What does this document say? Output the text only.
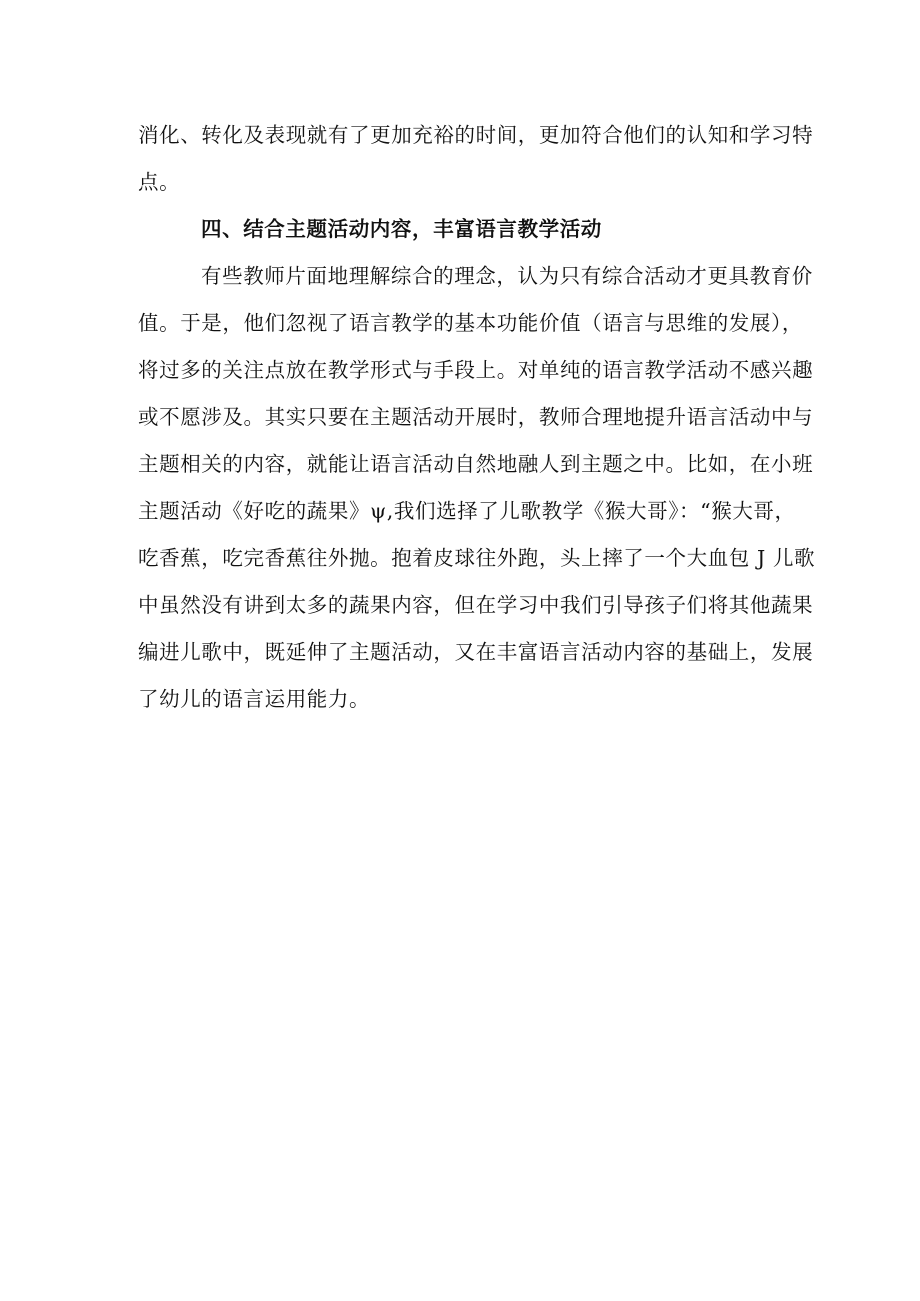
消化、转化及表现就有了更加充裕的时间，更加符合他们的认知和学习特
点。
四、结合主题活动内容，丰富语言教学活动
有些教师片面地理解综合的理念，认为只有综合活动才更具教育价
值。于是，他们忽视了语言教学的基本功能价值（语言与思维的发展），
将过多的关注点放在教学形式与手段上。对单纯的语言教学活动不感兴趣
或不愿涉及。其实只要在主题活动开展时，教师合理地提升语言活动中与
主题相关的内容，就能让语言活动自然地融人到主题之中。比如，在小班
主题活动《好吃的蔬果》ψ,我们选择了儿歌教学《猴大哥》：“猴大哥，
吃香蕉，吃完香蕉往外抛。抱着皮球往外跑，头上摔了一个大血包 J 儿歌
中虽然没有讲到太多的蔬果内容，但在学习中我们引导孩子们将其他蔬果
编进儿歌中，既延伸了主题活动，又在丰富语言活动内容的基础上，发展
了幼儿的语言运用能力。
